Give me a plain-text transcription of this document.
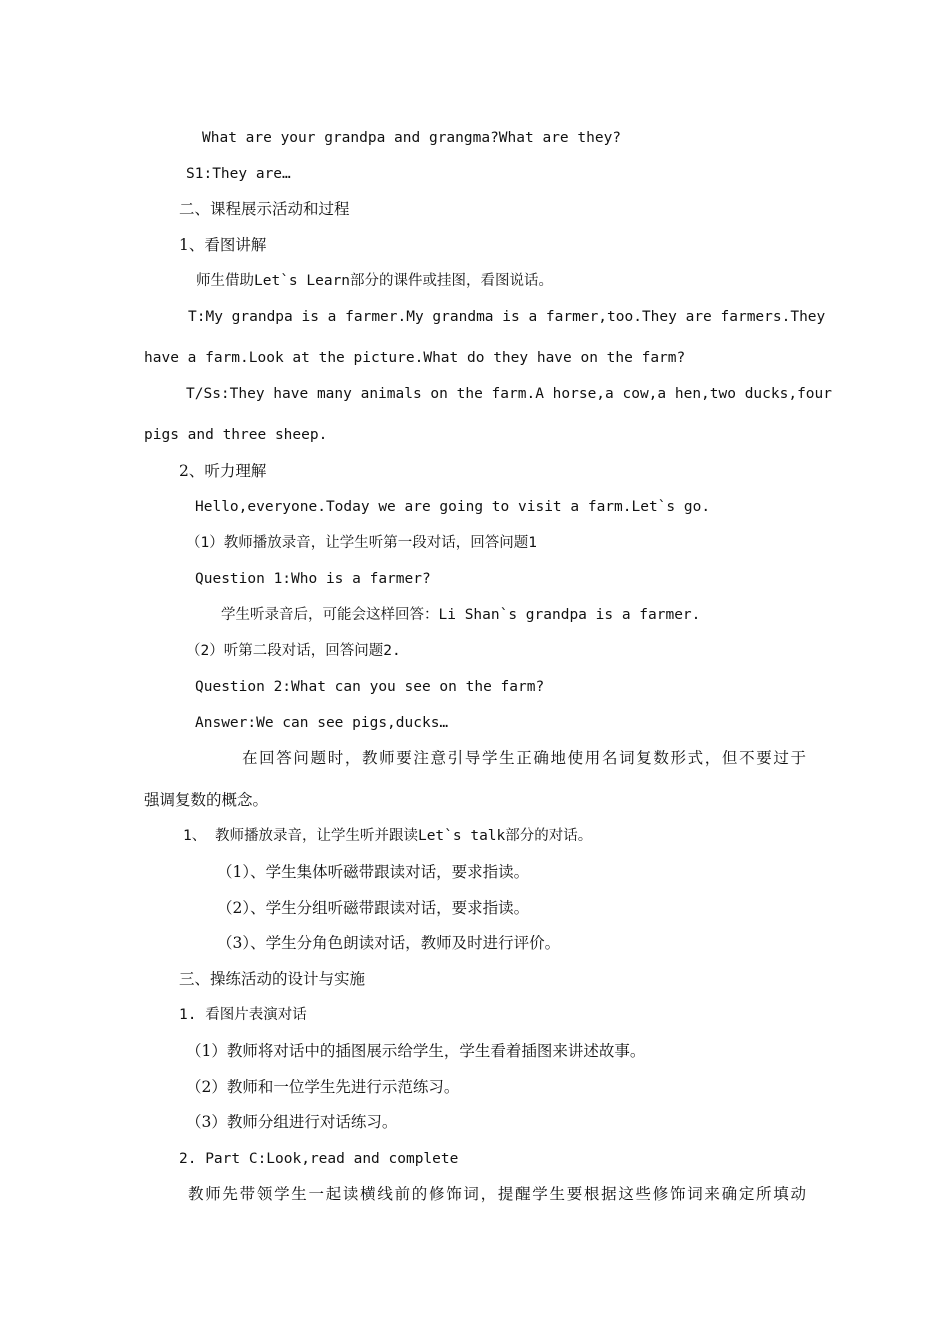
What are your grandpa and grangma?What are they?
S1:They are…
二、课程展示活动和过程
1、看图讲解
师生借助Let`s Learn部分的课件或挂图，看图说话。
T:My grandpa is a farmer.My grandma is a farmer,too.They are farmers.They
have a farm.Look at the picture.What do they have on the farm?
T/Ss:They have many animals on the farm.A horse,a cow,a hen,two ducks,four
pigs and three sheep.
2、听力理解
Hello,everyone.Today we are going to visit a farm.Let`s go.
（1）教师播放录音，让学生听第一段对话，回答问题1
Question 1:Who is a farmer?
学生听录音后，可能会这样回答：Li Shan`s grandpa is a farmer.
（2）听第二段对话，回答问题2.
Question 2:What can you see on the farm?
Answer:We can see pigs,ducks…
在回答问题时，教师要注意引导学生正确地使用名词复数形式，但不要过于
强调复数的概念。
1、 教师播放录音，让学生听并跟读Let`s talk部分的对话。
（1）、学生集体听磁带跟读对话，要求指读。
（2）、学生分组听磁带跟读对话，要求指读。
（3）、学生分角色朗读对话，教师及时进行评价。
三、操练活动的设计与实施
1. 看图片表演对话
（1）教师将对话中的插图展示给学生，学生看着插图来讲述故事。
（2）教师和一位学生先进行示范练习。
（3）教师分组进行对话练习。
2. Part C:Look,read and complete
教师先带领学生一起读横线前的修饰词，提醒学生要根据这些修饰词来确定所填动
